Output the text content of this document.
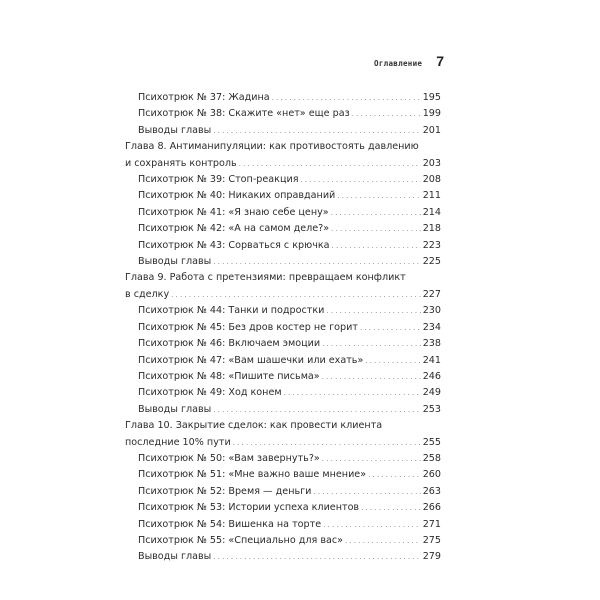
Оглавление 7
Психотрюк № 37: Жадина .....	195
Психотрюк № 38: Скажите «нет» еще раз .....	199
Выводы главы .....	201
Глава 8. Антиманипуляции: как противостоять давлению
и сохранять контроль .....	203
Психотрюк № 39: Стоп-реакция .....	208
Психотрюк № 40: Никаких оправданий .....	211
Психотрюк № 41: «Я знаю себе цену» .....	214
Психотрюк № 42: «А на самом деле?» .....	218
Психотрюк № 43: Сорваться с крючка .....	223
Выводы главы .....	225
Глава 9. Работа с претензиями: превращаем конфликт
в сделку .....	227
Психотрюк № 44: Танки и подростки .....	230
Психотрюк № 45: Без дров костер не горит .....	234
Психотрюк № 46: Включаем эмоции .....	238
Психотрюк № 47: «Вам шашечки или ехать» .....	241
Психотрюк № 48: «Пишите письма» .....	246
Психотрюк № 49: Ход конем .....	249
Выводы главы .....	253
Глава 10. Закрытие сделок: как провести клиента
последние 10% пути .....	255
Психотрюк № 50: «Вам завернуть?» .....	258
Психотрюк № 51: «Мне важно ваше мнение» .....	260
Психотрюк № 52: Время — деньги .....	263
Психотрюк № 53: Истории успеха клиентов .....	266
Психотрюк № 54: Вишенка на торте .....	271
Психотрюк № 55: «Специально для вас» .....	275
Выводы главы .....	279
